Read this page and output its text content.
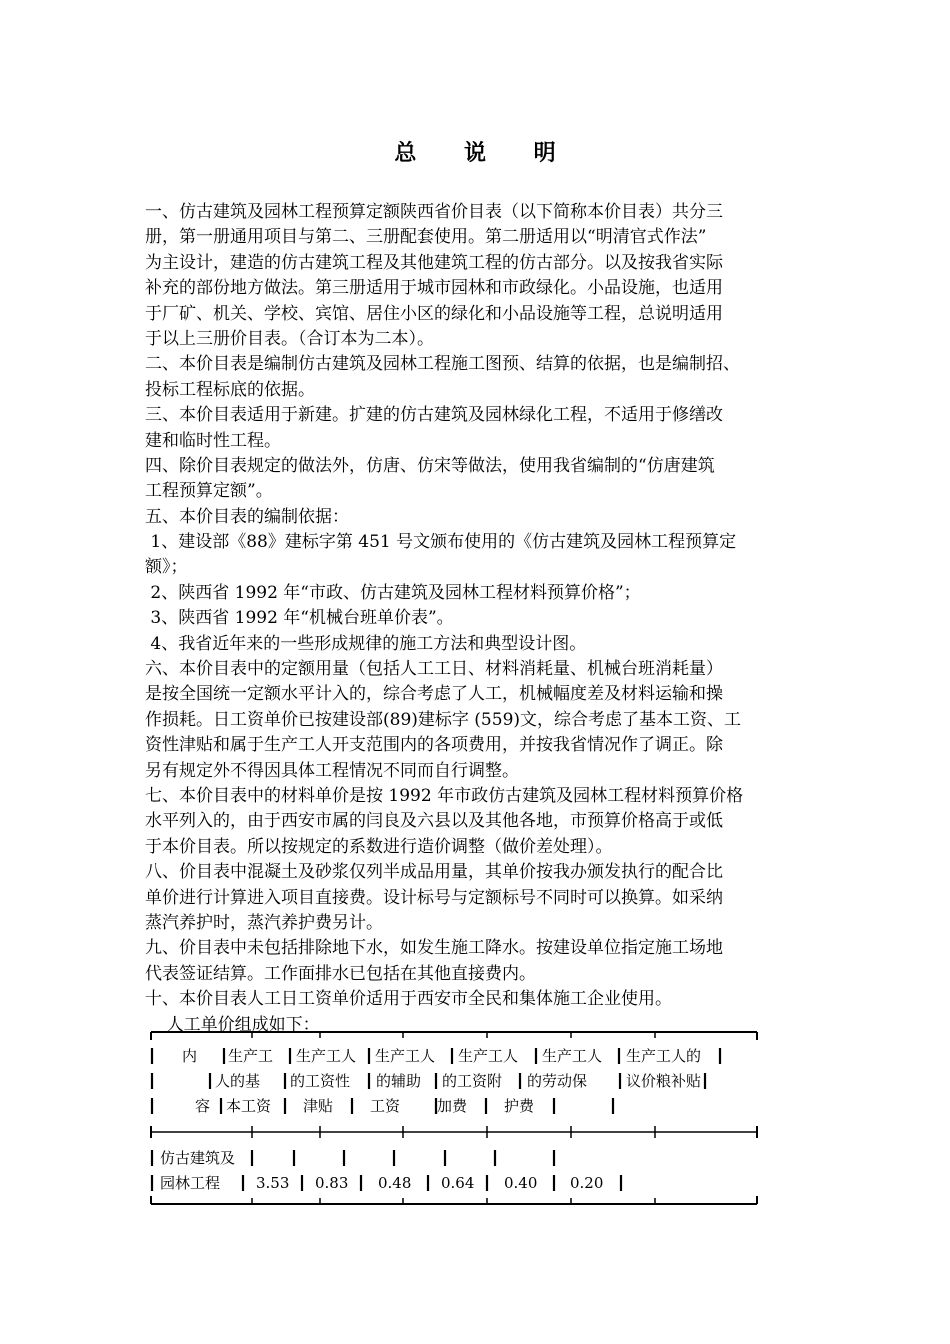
总 说 明
一、仿古建筑及园林工程预算定额陕西省价目表（以下简称本价目表）共分三
册，第一册通用项目与第二、三册配套使用。第二册适用以“明清官式作法”
为主设计，建造的仿古建筑工程及其他建筑工程的仿古部分。以及按我省实际
补充的部份地方做法。第三册适用于城市园林和市政绿化。小品设施，也适用
于厂矿、机关、学校、宾馆、居住小区的绿化和小品设施等工程，总说明适用
于以上三册价目表。（合订本为二本）。
二、本价目表是编制仿古建筑及园林工程施工图预、结算的依据，也是编制招、
投标工程标底的依据。
三、本价目表适用于新建。扩建的仿古建筑及园林绿化工程，不适用于修缮改
建和临时性工程。
四、除价目表规定的做法外，仿唐、仿宋等做法，使用我省编制的“仿唐建筑
工程预算定额”。
五、本价目表的编制依据：
1、建设部《88》建标字第 451 号文颁布使用的《仿古建筑及园林工程预算定
额》；
2、陕西省 1992 年“市政、仿古建筑及园林工程材料预算价格”；
3、陕西省 1992 年“机械台班单价表”。
4、我省近年来的一些形成规律的施工方法和典型设计图。
六、本价目表中的定额用量（包括人工工日、材料消耗量、机械台班消耗量）
是按全国统一定额水平计入的，综合考虑了人工，机械幅度差及材料运输和操
作损耗。日工资单价已按建设部(89)建标字 (559)文，综合考虑了基本工资、工
资性津贴和属于生产工人开支范围内的各项费用，并按我省情况作了调正。除
另有规定外不得因具体工程情况不同而自行调整。
七、本价目表中的材料单价是按 1992 年市政仿古建筑及园林工程材料预算价格
水平列入的，由于西安市属的闫良及六县以及其他各地，市预算价格高于或低
于本价目表。所以按规定的系数进行造价调整（做价差处理）。
八、价目表中混凝土及砂浆仅列半成品用量，其单价按我办颁发执行的配合比
单价进行计算进入项目直接费。设计标号与定额标号不同时可以换算。如采纳
蒸汽养护时，蒸汽养护费另计。
九、价目表中未包括排除地下水，如发生施工降水。按建设单位指定施工场地
代表签证结算。工作面排水已包括在其他直接费内。
十、本价目表人工日工资单价适用于西安市全民和集体施工企业使用。
人工单价组成如下：
内 生产工 生产工人 生产工人 生产工人 生产工人 生产工人的
人的基 的工资性 的辅助 的工资附 的劳动保	议价粮补贴
容 本工资 津贴 工资 加费 护费
仿古建筑及
园林工程 3.53 0.83 0.48 0.64 0.40 0.20
